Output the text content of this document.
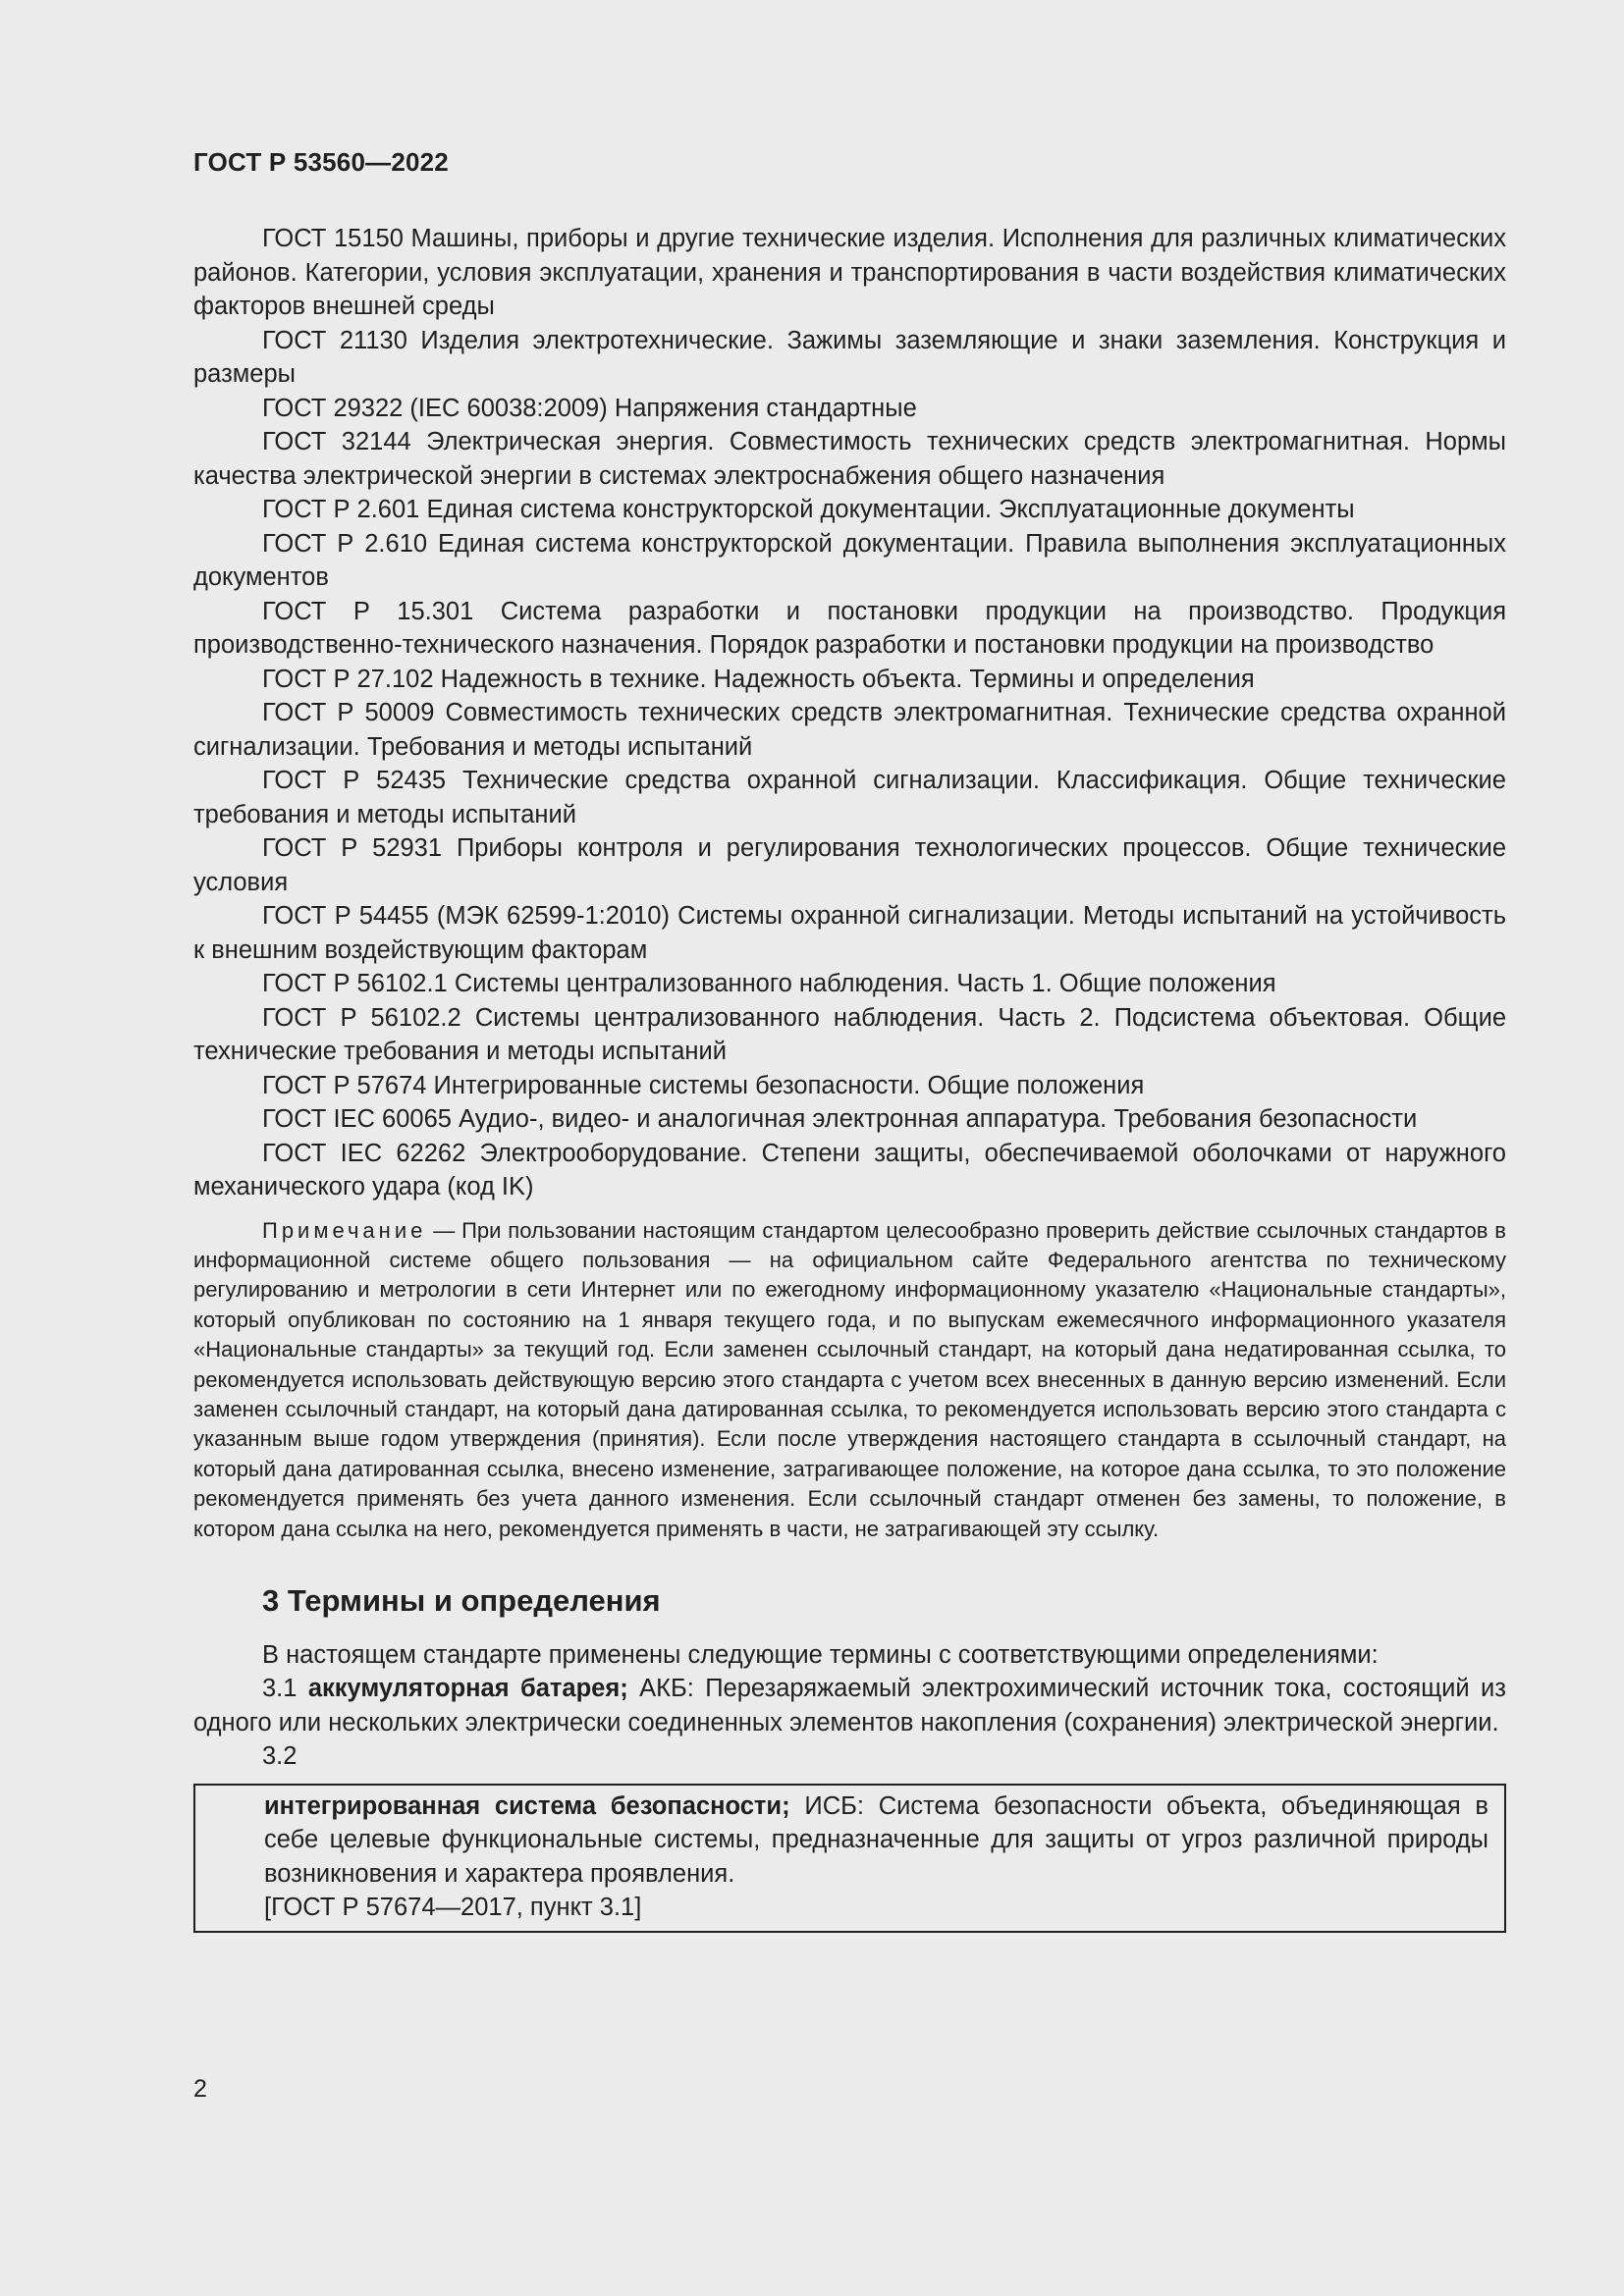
ГОСТ Р 53560—2022

ГОСТ 15150 Машины, приборы и другие технические изделия. Исполнения для различных климатических районов. Категории, условия эксплуатации, хранения и транспортирования в части воздействия климатических факторов внешней среды

ГОСТ 21130 Изделия электротехнические. Зажимы заземляющие и знаки заземления. Конструкция и размеры

ГОСТ 29322 (IEC 60038:2009) Напряжения стандартные

ГОСТ 32144 Электрическая энергия. Совместимость технических средств электромагнитная. Нормы качества электрической энергии в системах электроснабжения общего назначения

ГОСТ Р 2.601 Единая система конструкторской документации. Эксплуатационные документы

ГОСТ Р 2.610 Единая система конструкторской документации. Правила выполнения эксплуатационных документов

ГОСТ Р 15.301 Система разработки и постановки продукции на производство. Продукция производственно-технического назначения. Порядок разработки и постановки продукции на производство

ГОСТ Р 27.102 Надежность в технике. Надежность объекта. Термины и определения

ГОСТ Р 50009 Совместимость технических средств электромагнитная. Технические средства охранной сигнализации. Требования и методы испытаний

ГОСТ Р 52435 Технические средства охранной сигнализации. Классификация. Общие технические требования и методы испытаний

ГОСТ Р 52931 Приборы контроля и регулирования технологических процессов. Общие технические условия

ГОСТ Р 54455 (МЭК 62599-1:2010) Системы охранной сигнализации. Методы испытаний на устойчивость к внешним воздействующим факторам

ГОСТ Р 56102.1 Системы централизованного наблюдения. Часть 1. Общие положения

ГОСТ Р 56102.2 Системы централизованного наблюдения. Часть 2. Подсистема объектовая. Общие технические требования и методы испытаний

ГОСТ Р 57674 Интегрированные системы безопасности. Общие положения

ГОСТ IEC 60065 Аудио-, видео- и аналогичная электронная аппаратура. Требования безопасности

ГОСТ IEC 62262 Электрооборудование. Степени защиты, обеспечиваемой оболочками от наружного механического удара (код IK)

Примечание — При пользовании настоящим стандартом целесообразно проверить действие ссылочных стандартов в информационной системе общего пользования — на официальном сайте Федерального агентства по техническому регулированию и метрологии в сети Интернет или по ежегодному информационному указателю «Национальные стандарты», который опубликован по состоянию на 1 января текущего года, и по выпускам ежемесячного информационного указателя «Национальные стандарты» за текущий год. Если заменен ссылочный стандарт, на который дана недатированная ссылка, то рекомендуется использовать действующую версию этого стандарта с учетом всех внесенных в данную версию изменений. Если заменен ссылочный стандарт, на который дана датированная ссылка, то рекомендуется использовать версию этого стандарта с указанным выше годом утверждения (принятия). Если после утверждения настоящего стандарта в ссылочный стандарт, на который дана датированная ссылка, внесено изменение, затрагивающее положение, на которое дана ссылка, то это положение рекомендуется применять без учета данного изменения. Если ссылочный стандарт отменен без замены, то положение, в котором дана ссылка на него, рекомендуется применять в части, не затрагивающей эту ссылку.
3 Термины и определения

В настоящем стандарте применены следующие термины с соответствующими определениями:

3.1 аккумуляторная батарея; АКБ: Перезаряжаемый электрохимический источник тока, состоящий из одного или нескольких электрически соединенных элементов накопления (сохранения) электрической энергии.

3.2

интегрированная система безопасности; ИСБ: Система безопасности объекта, объединяющая в себе целевые функциональные системы, предназначенные для защиты от угроз различной природы возникновения и характера проявления.

[ГОСТ Р 57674—2017, пункт 3.1]

2
